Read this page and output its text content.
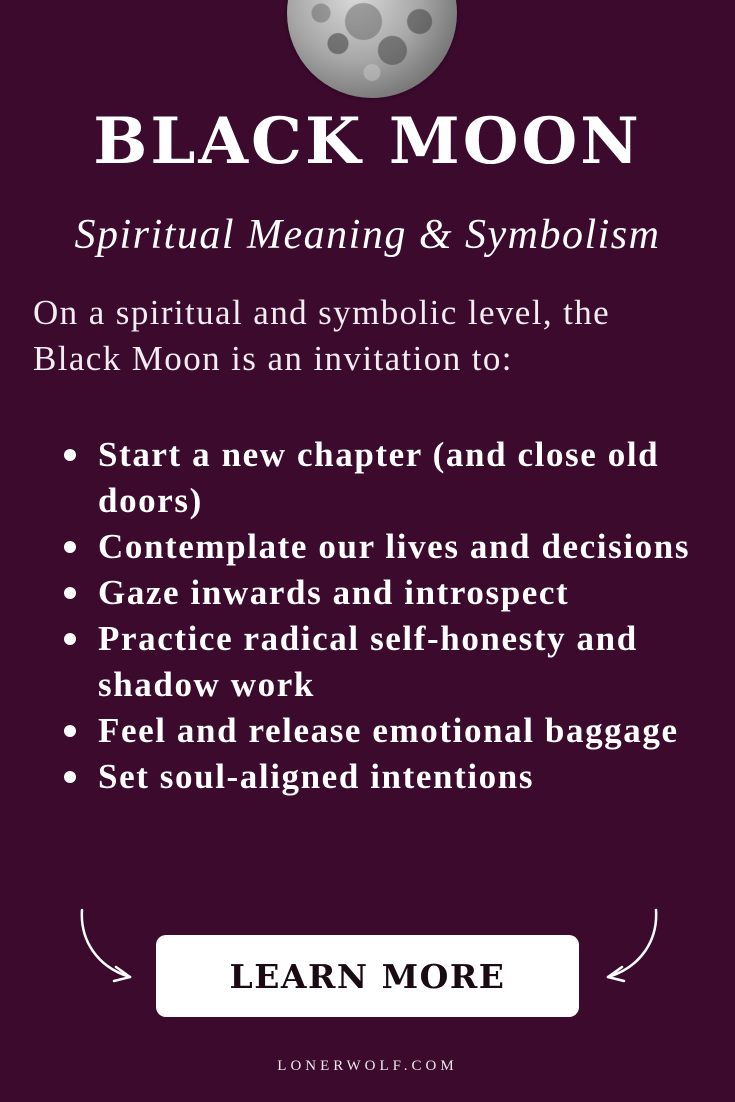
BLACK MOON
Spiritual Meaning & Symbolism

On a spiritual and symbolic level, the Black Moon is an invitation to:

Start a new chapter (and close old doors)
Contemplate our lives and decisions
Gaze inwards and introspect
Practice radical self-honesty and shadow work
Feel and release emotional baggage
Set soul-aligned intentions
LEARN MORE
LONERWOLF.COM
